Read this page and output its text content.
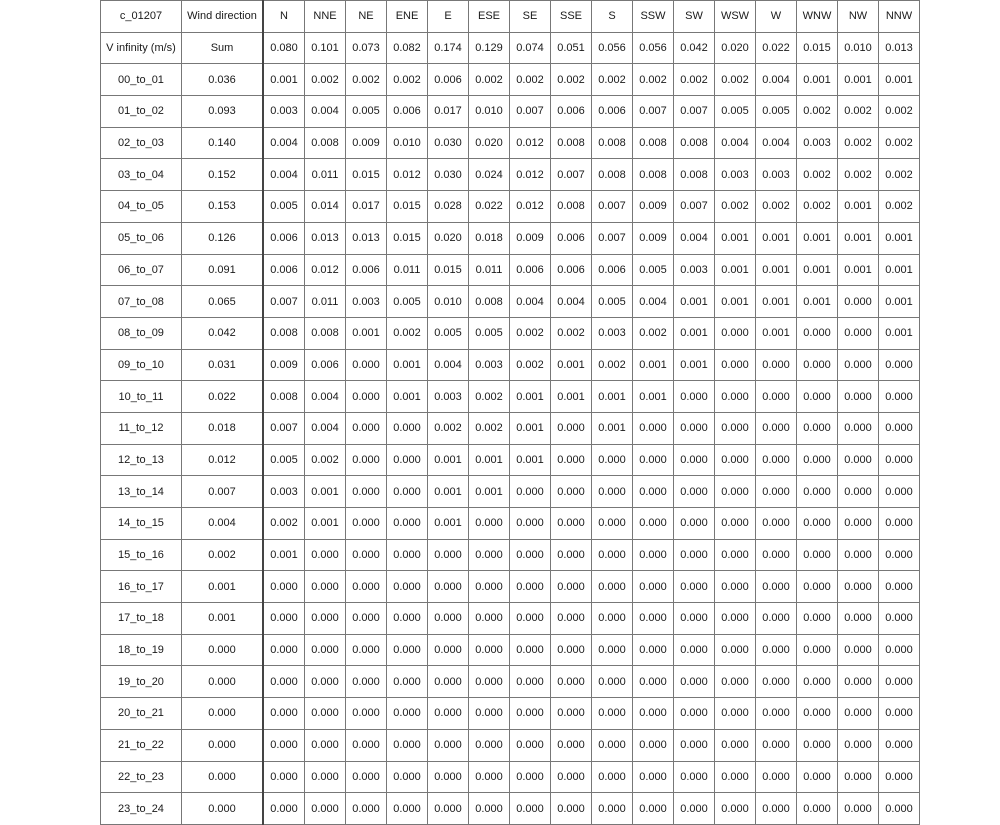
c_01207	Wind direction	N	NNE	NE	ENE	E	ESE	SE	SSE	S	SSW	SW	WSW	W	WNW	NW	NNW
V infinity (m/s)	Sum	0.080	0.101	0.073	0.082	0.174	0.129	0.074	0.051	0.056	0.056	0.042	0.020	0.022	0.015	0.010	0.013
00_to_01	0.036	0.001	0.002	0.002	0.002	0.006	0.002	0.002	0.002	0.002	0.002	0.002	0.002	0.004	0.001	0.001	0.001
01_to_02	0.093	0.003	0.004	0.005	0.006	0.017	0.010	0.007	0.006	0.006	0.007	0.007	0.005	0.005	0.002	0.002	0.002
02_to_03	0.140	0.004	0.008	0.009	0.010	0.030	0.020	0.012	0.008	0.008	0.008	0.008	0.004	0.004	0.003	0.002	0.002
03_to_04	0.152	0.004	0.011	0.015	0.012	0.030	0.024	0.012	0.007	0.008	0.008	0.008	0.003	0.003	0.002	0.002	0.002
04_to_05	0.153	0.005	0.014	0.017	0.015	0.028	0.022	0.012	0.008	0.007	0.009	0.007	0.002	0.002	0.002	0.001	0.002
05_to_06	0.126	0.006	0.013	0.013	0.015	0.020	0.018	0.009	0.006	0.007	0.009	0.004	0.001	0.001	0.001	0.001	0.001
06_to_07	0.091	0.006	0.012	0.006	0.011	0.015	0.011	0.006	0.006	0.006	0.005	0.003	0.001	0.001	0.001	0.001	0.001
07_to_08	0.065	0.007	0.011	0.003	0.005	0.010	0.008	0.004	0.004	0.005	0.004	0.001	0.001	0.001	0.001	0.000	0.001
08_to_09	0.042	0.008	0.008	0.001	0.002	0.005	0.005	0.002	0.002	0.003	0.002	0.001	0.000	0.001	0.000	0.000	0.001
09_to_10	0.031	0.009	0.006	0.000	0.001	0.004	0.003	0.002	0.001	0.002	0.001	0.001	0.000	0.000	0.000	0.000	0.000
10_to_11	0.022	0.008	0.004	0.000	0.001	0.003	0.002	0.001	0.001	0.001	0.001	0.000	0.000	0.000	0.000	0.000	0.000
11_to_12	0.018	0.007	0.004	0.000	0.000	0.002	0.002	0.001	0.000	0.001	0.000	0.000	0.000	0.000	0.000	0.000	0.000
12_to_13	0.012	0.005	0.002	0.000	0.000	0.001	0.001	0.001	0.000	0.000	0.000	0.000	0.000	0.000	0.000	0.000	0.000
13_to_14	0.007	0.003	0.001	0.000	0.000	0.001	0.001	0.000	0.000	0.000	0.000	0.000	0.000	0.000	0.000	0.000	0.000
14_to_15	0.004	0.002	0.001	0.000	0.000	0.001	0.000	0.000	0.000	0.000	0.000	0.000	0.000	0.000	0.000	0.000	0.000
15_to_16	0.002	0.001	0.000	0.000	0.000	0.000	0.000	0.000	0.000	0.000	0.000	0.000	0.000	0.000	0.000	0.000	0.000
16_to_17	0.001	0.000	0.000	0.000	0.000	0.000	0.000	0.000	0.000	0.000	0.000	0.000	0.000	0.000	0.000	0.000	0.000
17_to_18	0.001	0.000	0.000	0.000	0.000	0.000	0.000	0.000	0.000	0.000	0.000	0.000	0.000	0.000	0.000	0.000	0.000
18_to_19	0.000	0.000	0.000	0.000	0.000	0.000	0.000	0.000	0.000	0.000	0.000	0.000	0.000	0.000	0.000	0.000	0.000
19_to_20	0.000	0.000	0.000	0.000	0.000	0.000	0.000	0.000	0.000	0.000	0.000	0.000	0.000	0.000	0.000	0.000	0.000
20_to_21	0.000	0.000	0.000	0.000	0.000	0.000	0.000	0.000	0.000	0.000	0.000	0.000	0.000	0.000	0.000	0.000	0.000
21_to_22	0.000	0.000	0.000	0.000	0.000	0.000	0.000	0.000	0.000	0.000	0.000	0.000	0.000	0.000	0.000	0.000	0.000
22_to_23	0.000	0.000	0.000	0.000	0.000	0.000	0.000	0.000	0.000	0.000	0.000	0.000	0.000	0.000	0.000	0.000	0.000
23_to_24	0.000	0.000	0.000	0.000	0.000	0.000	0.000	0.000	0.000	0.000	0.000	0.000	0.000	0.000	0.000	0.000	0.000
